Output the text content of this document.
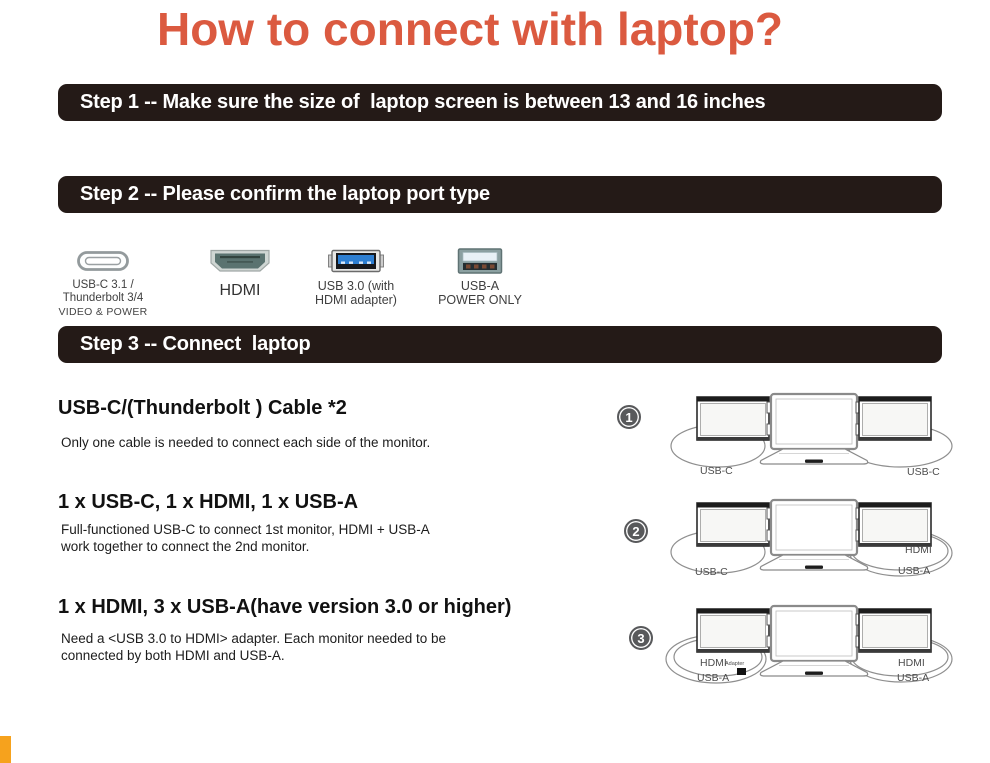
How to connect with laptop?
Step 1 -- Make sure the size of  laptop screen is between 13 and 16 inches
Step 2 -- Please confirm the laptop port type
USB-C 3.1 /
Thunderbolt 3/4
VIDEO & POWER
HDMI	USB 3.0 (with
HDMI adapter)
USB-A
POWER ONLY
Step 3 -- Connect  laptop
USB-C/(Thunderbolt ) Cable *2
Only one cable is needed to connect each side of the monitor.
1 x USB-C, 1 x HDMI, 1 x USB-A
Full-functioned USB-C to connect 1st monitor, HDMI + USB-A
work together to connect the 2nd monitor.
1 x HDMI, 3 x USB-A(have version 3.0 or higher)
Need a <USB 3.0 to HDMI> adapter. Each monitor needed to be
connected by both HDMI and USB-A.
1
USB-C	USB-C
2
USB-C
HDMI
USB-A
3
HDMI
Adapter
USB-A
HDMI
USB-A
